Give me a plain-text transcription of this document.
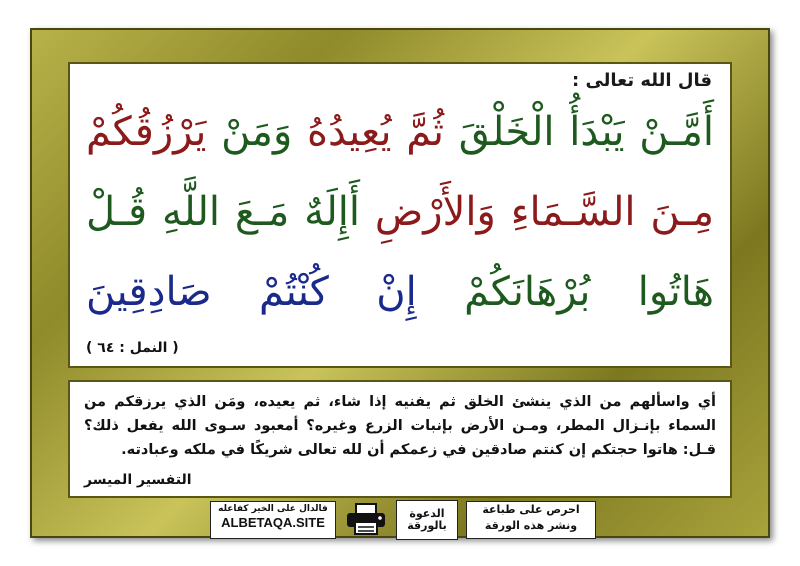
قال الله تعالى :
أَمَّـنْ يَبْدَأُ الْخَلْقَ ثُمَّ يُعِيدُهُ وَمَنْ يَرْزُقُكُمْ
مِـنَ السَّـمَاءِ وَالأَرْضِ أَإِلَهٌ مَـعَ اللَّهِ قُـلْ
هَاتُوا بُرْهَانَكُمْ إِنْ كُنْتُمْ صَادِقِينَ
( النمل : ٦٤ )
أي واسألهم من الذي ينشئ الخلق ثم يفنيه إذا شاء، ثم يعيده، ومَن الذي يرزقكم من السماء بإنـزال المطر، ومـن الأرض بإنبات الزرع وغيره؟ أمعبود سـوى الله يفعل ذلك؟ قـل: هاتوا حجتكم إن كنتم صادقين في زعمكم أن لله تعالى شريكًا في ملكه وعبادته.
التفسير الميسر
فالدال على الخير كفاعله
ALBETAQA.SITE
الدعوة
بالورقة
احرص على طباعة
ونشر هذه الورقة
